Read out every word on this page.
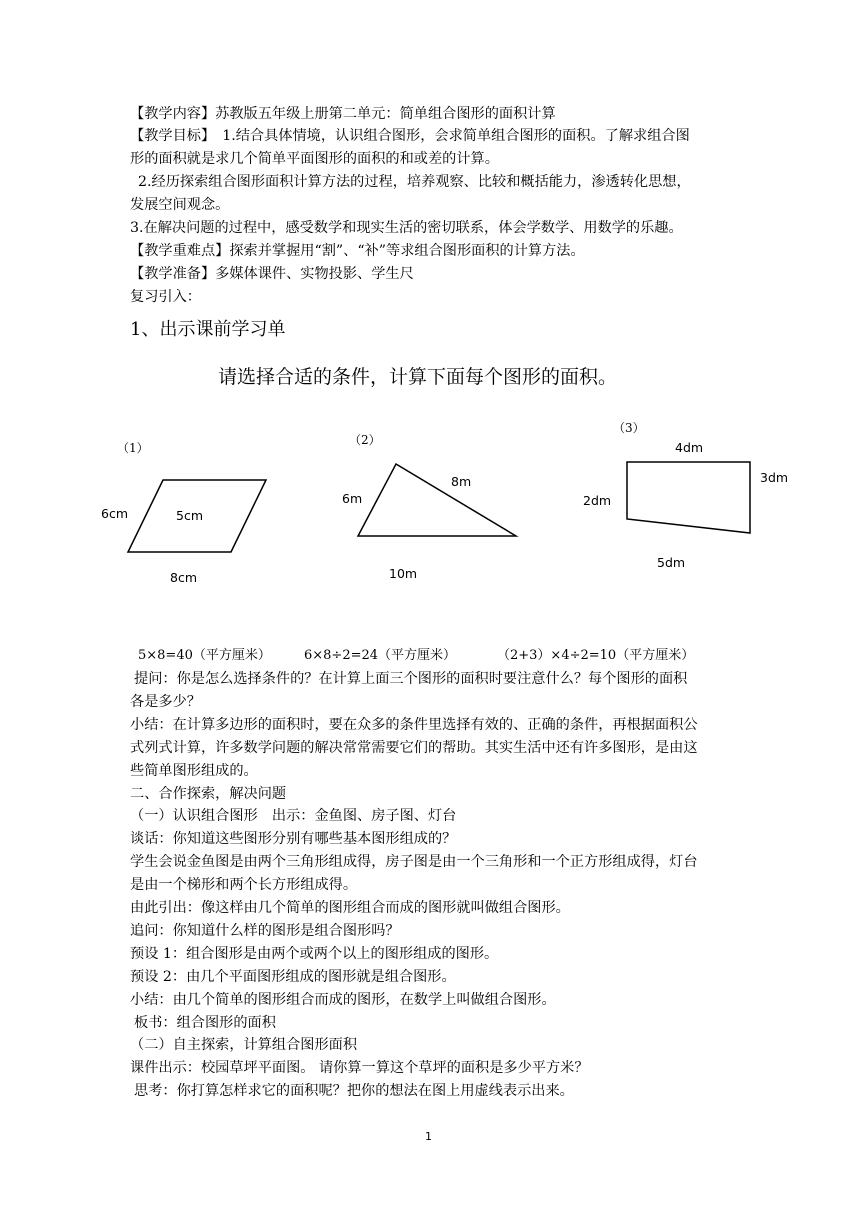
【教学内容】苏教版五年级上册第二单元：简单组合图形的面积计算
【教学目标】　1.结合具体情境，认识组合图形，会求简单组合图形的面积。了解求组合图
形的面积就是求几个简单平面图形的面积的和或差的计算。
2.经历探索组合图形面积计算方法的过程，培养观察、比较和概括能力，渗透转化思想，
发展空间观念。
3.在解决问题的过程中，感受数学和现实生活的密切联系，体会学数学、用数学的乐趣。
【教学重难点】探索并掌握用“割”、“补”等求组合图形面积的计算方法。
【教学准备】多媒体课件、实物投影、学生尺
复习引入：
1、出示课前学习单
请选择合适的条件，计算下面每个图形的面积。
（1）
6cm	5cm
8cm
（2）
6m
8m
10m
（3）
4dm
3dm
2dm
5dm
5×8=40（平方厘米）	6×8÷2=24（平方厘米）	（2+3）×4÷2=10（平方厘米）
提问：你是怎么选择条件的？在计算上面三个图形的面积时要注意什么？每个图形的面积
各是多少？
小结：在计算多边形的面积时，要在众多的条件里选择有效的、正确的条件，再根据面积公
式列式计算，许多数学问题的解决常常需要它们的帮助。其实生活中还有许多图形，是由这
些简单图形组成的。
二、合作探索，解决问题
（一）认识组合图形　出示：金鱼图、房子图、灯台
谈话：你知道这些图形分别有哪些基本图形组成的？
学生会说金鱼图是由两个三角形组成得，房子图是由一个三角形和一个正方形组成得，灯台
是由一个梯形和两个长方形组成得。
由此引出：像这样由几个简单的图形组合而成的图形就叫做组合图形。
追问：你知道什么样的图形是组合图形吗？
预设 1：组合图形是由两个或两个以上的图形组成的图形。
预设 2：由几个平面图形组成的图形就是组合图形。
小结：由几个简单的图形组合而成的图形，在数学上叫做组合图形。
板书：组合图形的面积
（二）自主探索，计算组合图形面积
课件出示：校园草坪平面图。 请你算一算这个草坪的面积是多少平方米？
思考：你打算怎样求它的面积呢？把你的想法在图上用虚线表示出来。
1
